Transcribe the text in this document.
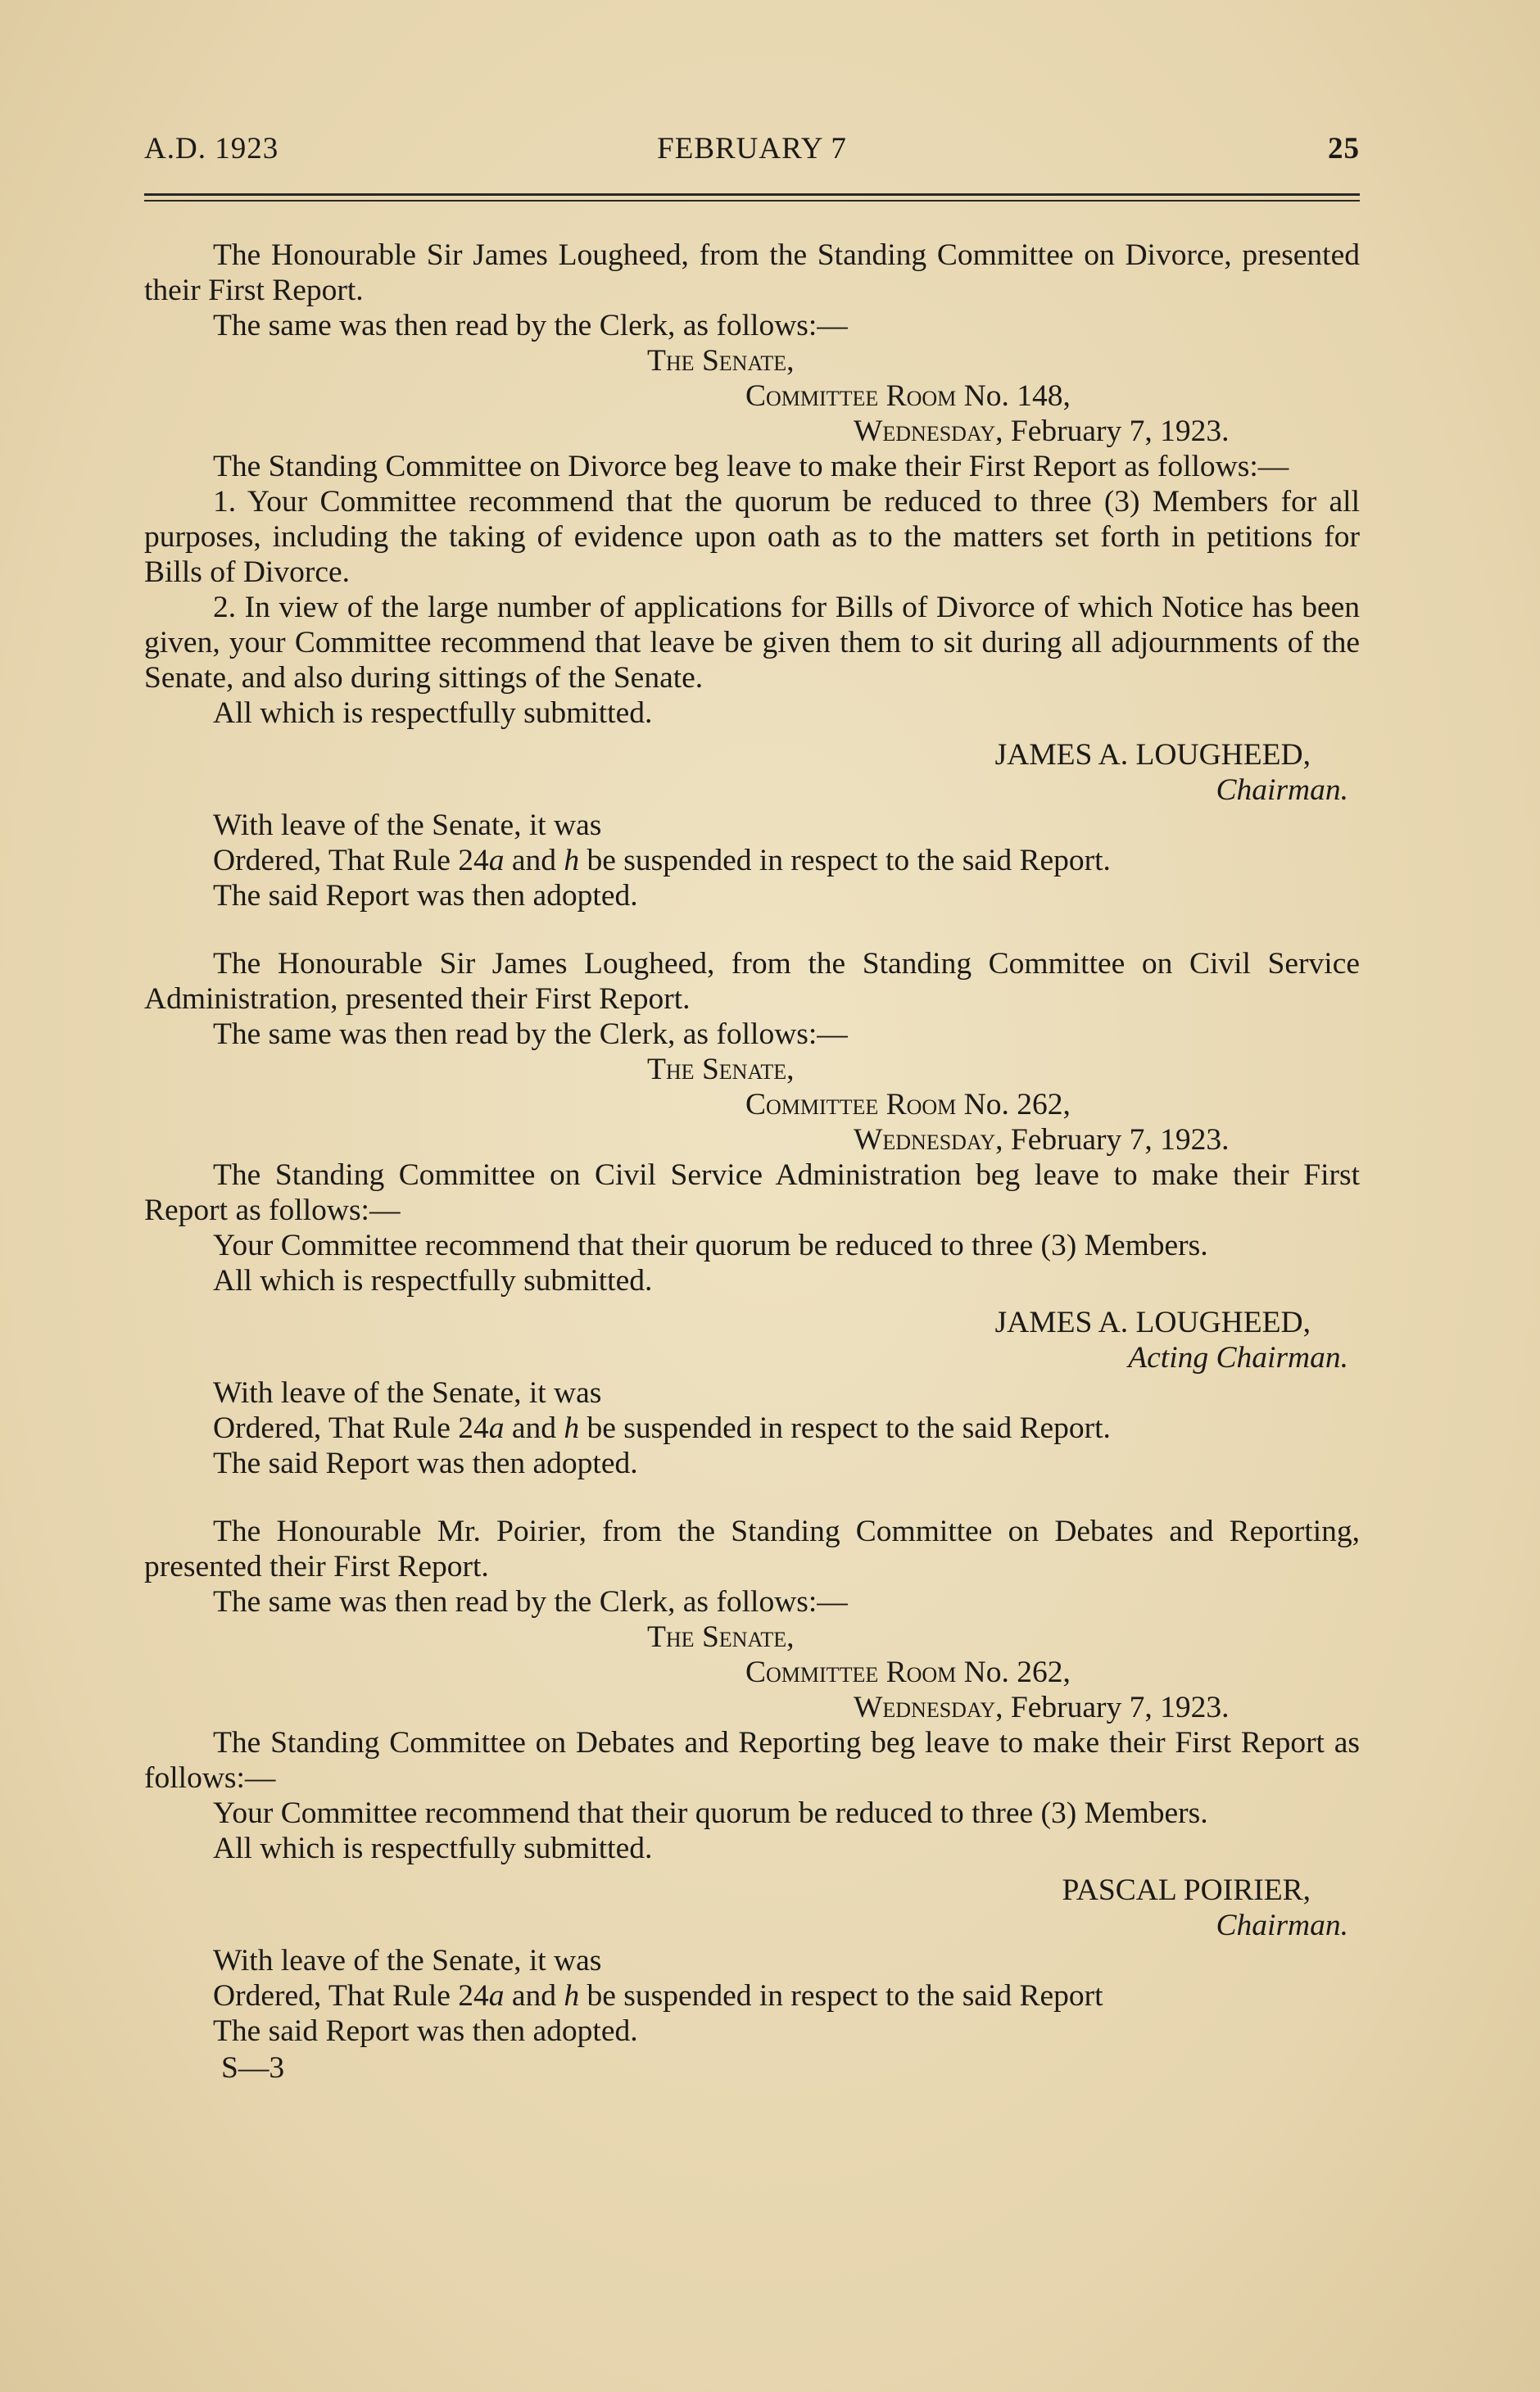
A.D. 1923	FEBRUARY 7	25

The Honourable Sir James Lougheed, from the Standing Committee on Divorce, presented their First Report.

The same was then read by the Clerk, as follows:—

The Senate,
Committee Room No. 148,
Wednesday, February 7, 1923.

The Standing Committee on Divorce beg leave to make their First Report as follows:—

1. Your Committee recommend that the quorum be reduced to three (3) Members for all purposes, including the taking of evidence upon oath as to the matters set forth in petitions for Bills of Divorce.

2. In view of the large number of applications for Bills of Divorce of which Notice has been given, your Committee recommend that leave be given them to sit during all adjournments of the Senate, and also during sittings of the Senate.

All which is respectfully submitted.

JAMES A. LOUGHEED,

Chairman.

With leave of the Senate, it was

Ordered, That Rule 24a and h be suspended in respect to the said Report.

The said Report was then adopted.

The Honourable Sir James Lougheed, from the Standing Committee on Civil Service Administration, presented their First Report.

The same was then read by the Clerk, as follows:—

The Senate,
Committee Room No. 262,
Wednesday, February 7, 1923.

The Standing Committee on Civil Service Administration beg leave to make their First Report as follows:—

Your Committee recommend that their quorum be reduced to three (3) Members.

All which is respectfully submitted.

JAMES A. LOUGHEED,

Acting Chairman.

With leave of the Senate, it was

Ordered, That Rule 24a and h be suspended in respect to the said Report.

The said Report was then adopted.

The Honourable Mr. Poirier, from the Standing Committee on Debates and Reporting, presented their First Report.

The same was then read by the Clerk, as follows:—

The Senate,
Committee Room No. 262,
Wednesday, February 7, 1923.

The Standing Committee on Debates and Reporting beg leave to make their First Report as follows:—

Your Committee recommend that their quorum be reduced to three (3) Members.

All which is respectfully submitted.

PASCAL POIRIER,

Chairman.

With leave of the Senate, it was

Ordered, That Rule 24a and h be suspended in respect to the said Report

The said Report was then adopted.

S—3
